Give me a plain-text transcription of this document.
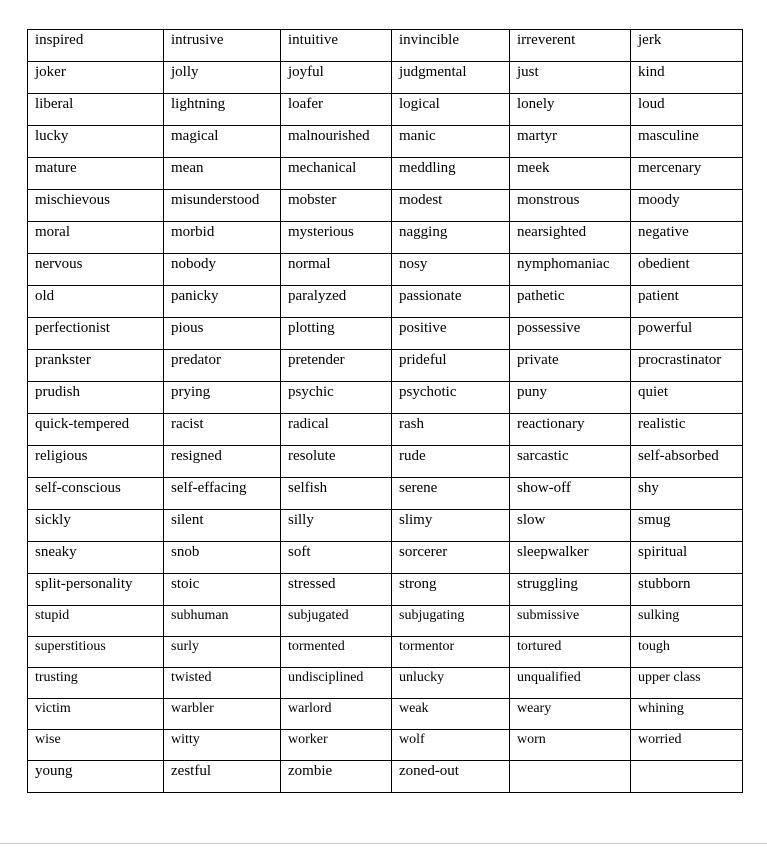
inspired	intrusive	intuitive	invincible	irreverent	jerk
joker	jolly	joyful	judgmental	just	kind
liberal	lightning	loafer	logical	lonely	loud
lucky	magical	malnourished	manic	martyr	masculine
mature	mean	mechanical	meddling	meek	mercenary
mischievous	misunderstood	mobster	modest	monstrous	moody
moral	morbid	mysterious	nagging	nearsighted	negative
nervous	nobody	normal	nosy	nymphomaniac	obedient
old	panicky	paralyzed	passionate	pathetic	patient
perfectionist	pious	plotting	positive	possessive	powerful
prankster	predator	pretender	prideful	private	procrastinator
prudish	prying	psychic	psychotic	puny	quiet
quick-tempered	racist	radical	rash	reactionary	realistic
religious	resigned	resolute	rude	sarcastic	self-absorbed
self-conscious	self-effacing	selfish	serene	show-off	shy
sickly	silent	silly	slimy	slow	smug
sneaky	snob	soft	sorcerer	sleepwalker	spiritual
split-personality	stoic	stressed	strong	struggling	stubborn
stupid	subhuman	subjugated	subjugating	submissive	sulking
superstitious	surly	tormented	tormentor	tortured	tough
trusting	twisted	undisciplined	unlucky	unqualified	upper class
victim	warbler	warlord	weak	weary	whining
wise	witty	worker	wolf	worn	worried
young	zestful	zombie	zoned-out		
